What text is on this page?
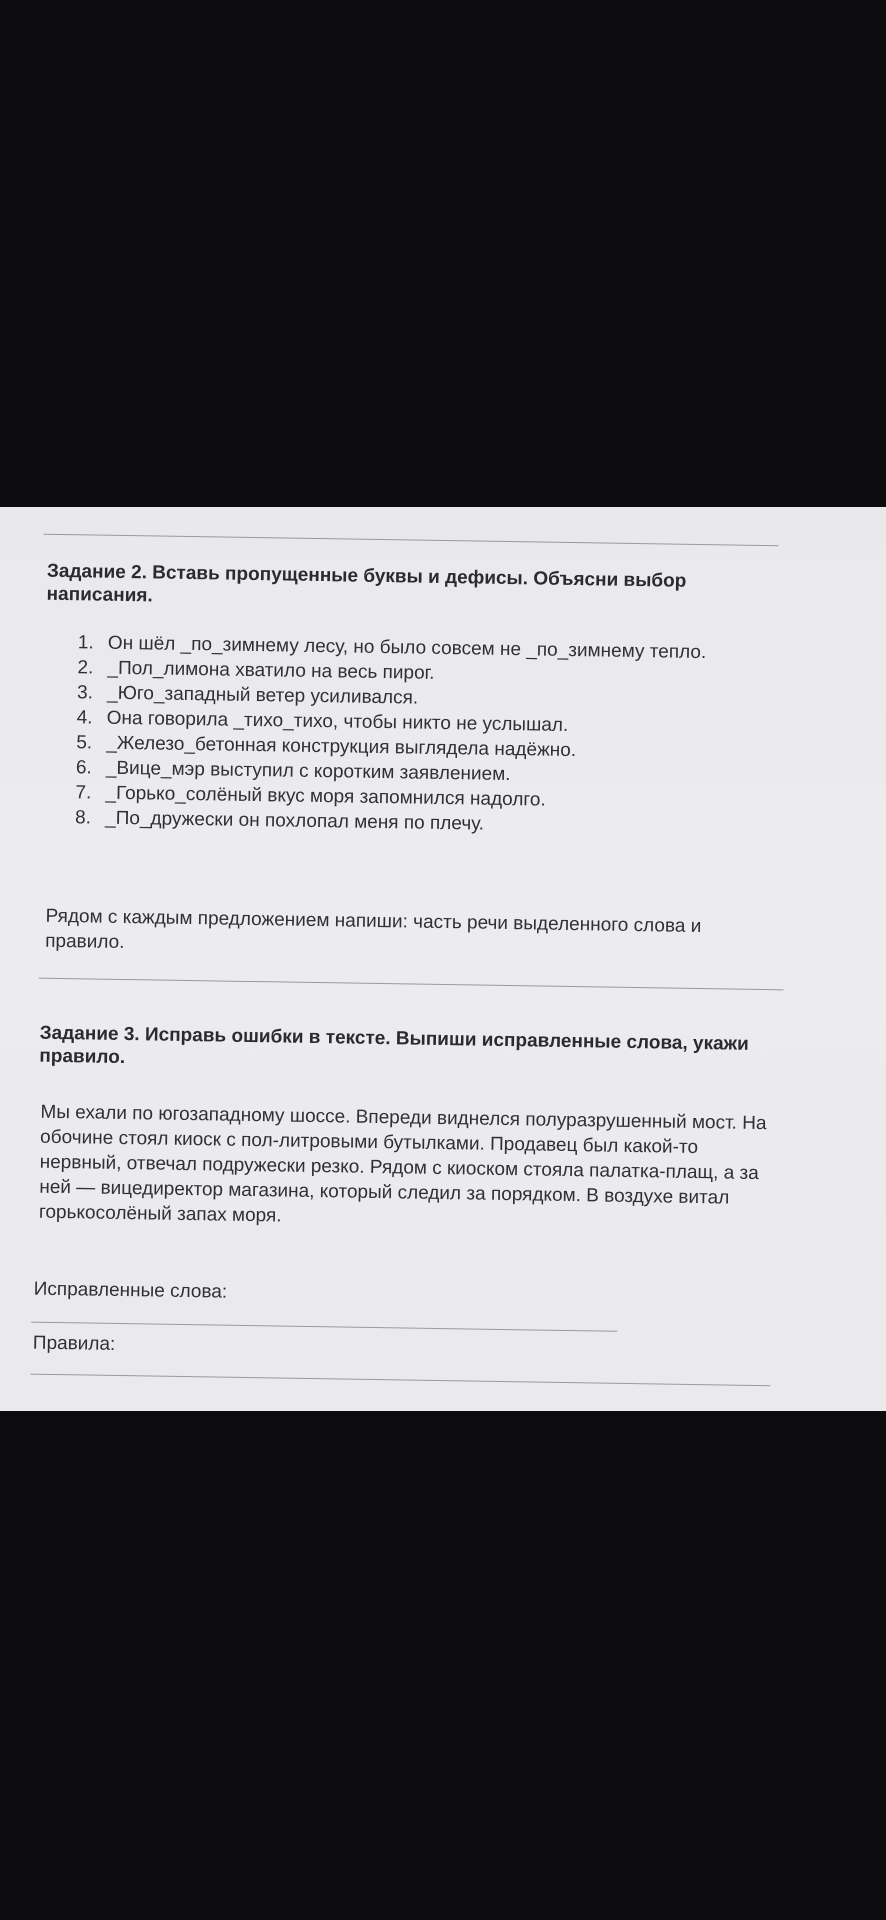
Задание 2. Вставь пропущенные буквы и дефисы. Объясни выбор написания.
1. Он шёл _по_зимнему лесу, но было совсем не _по_зимнему тепло.
2. _Пол_лимона хватило на весь пирог.
3. _Юго_западный ветер усиливался.
4. Она говорила _тихо_тихо, чтобы никто не услышал.
5. _Железо_бетонная конструкция выглядела надёжно.
6. _Вице_мэр выступил с коротким заявлением.
7. _Горько_солёный вкус моря запомнился надолго.
8. _По_дружески он похлопал меня по плечу.
Рядом с каждым предложением напиши: часть речи выделенного слова и правило.
Задание 3. Исправь ошибки в тексте. Выпиши исправленные слова, укажи правило.
Мы ехали по югозападному шоссе. Впереди виднелся полуразрушенный мост. На обочине стоял киоск с пол-литровыми бутылками. Продавец был какой-то нервный, отвечал подружески резко. Рядом с киоском стояла палатка-плащ, а за ней — вицедиректор магазина, который следил за порядком. В воздухе витал горькосолёный запах моря.
Исправленные слова:
Правила:
